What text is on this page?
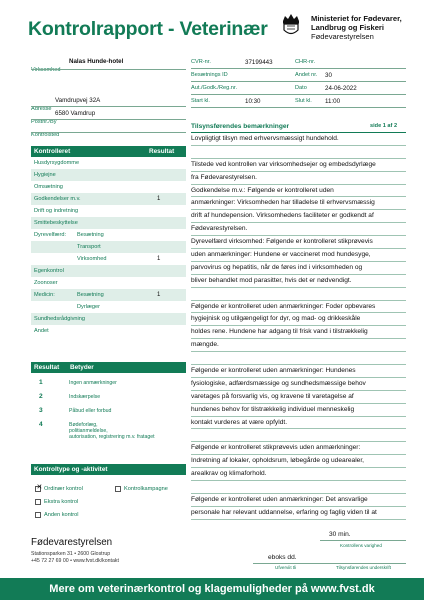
Kontrolrapport - Veterinær	Ministeriet for Fødevarer,
Landbrug og Fiskeri
Fødevarestyrelsen
Virksomhed
Nalas Hunde-hotel
Adresse
Vamdrupvej 32A
Postnr./By
6580 Vamdrup
Kontrolsted
CVR-nr.	37199443	CHR-nr.
Besætnings ID	Andet nr. 30
Aut./Godk./Reg.nr.	Dato	24-06-2022
Start kl.	10:30	Slut kl. 11:00
Kontrolleret	Resultat
Husdyrsygdomme
Hygiejne
Omsætning
Godkendelser m.v.	1
Drift og indretning
Smittebeskyttelse
Dyrevelfærd: Besætning
Transport
Virksomhed	1
Egenkontrol
Zoonoser
Medicin:	Besætning	1
Dyrlæger
Sundhedsrådgivning
Andet
Resultat Betyder
1	Ingen anmærkninger
2	Indskærpelse
3	Påbud eller forbud
4	Bødeforlæg,
politianmeldelse,
autorisation, registrering m.v. frataget
Kontroltype og -aktivitet
✕ Ordinær kontrol	Kontrolkampagne
Ekstra kontrol
Anden kontrol
Tilsynsførendes bemærkninger	side 1 af 2
Lovpligtigt tilsyn med erhvervsmæssigt hundehold.
Tilstede ved kontrollen var virksomhedsejer og embedsdyrlæge
fra Fødevarestyrelsen.
Godkendelse m.v.: Følgende er kontrolleret uden
anmærkninger: Virksomheden har tilladelse til erhvervsmæssig
drift af hundepension. Virksomhedens faciliteter er godkendt af
Fødevarestyrelsen.
Dyrevelfærd virksomhed: Følgende er kontrolleret stikprøvevis
uden anmærkninger: Hundene er vaccineret mod hundesyge,
parvovirus og hepatitis, når de føres ind i virksomheden og
bliver behandlet mod parasitter, hvis det er nødvendigt.
Følgende er kontrolleret uden anmærkninger: Foder opbevares
hygiejnisk og utilgængeligt for dyr, og mad- og drikkeskåle
holdes rene. Hundene har adgang til frisk vand i tilstrækkelig
mængde.
Følgende er kontrolleret uden anmærkninger: Hundenes
fysiologiske, adfærdsmæssige og sundhedsmæssige behov
varetages på forsvarlig vis, og kravene til varetagelse af
hundenes behov for tilstrækkelig individuel menneskelig
kontakt vurderes at være opfyldt.
Følgende er kontrolleret stikprøvevis uden anmærkninger:
Indretning af lokaler, opholdsrum, løbegårde og udearealer,
arealkrav og klimaforhold.
Følgende er kontrolleret uden anmærkninger: Det ansvarlige
personale har relevant uddannelse, erfaring og faglig viden til at
Fødevarestyrelsen
Stationsparken 31 • 2600 Glostrup
+45 72 27 69 00 • www.fvst.dk/kontakt
30 min.
Kontrollens varighed
eboks dd.
Ufverviit tli	Tilsynsførendes underskrift
Mere om veterinærkontrol og klagemuligheder på www.fvst.dk
